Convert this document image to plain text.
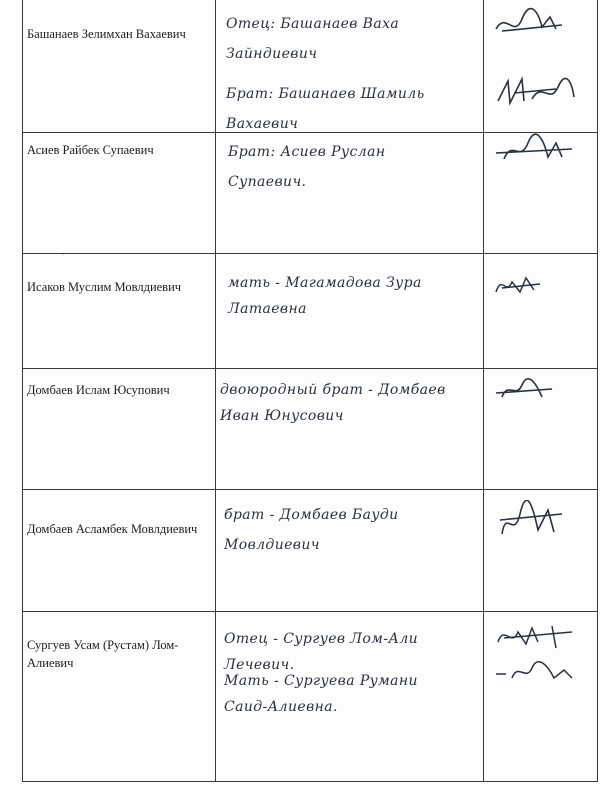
‘
Башанаев Зелимхан Вахаевич	Отец: Башанаев Ваха Зайндиевич
Брат: Башанаев Шамиль Вахаевич

Асиев Райбек Супаевич	Брат: Асиев Руслан Супаевич.

Исаков Муслим Мовлдиевич	мать - Магамадова Зура Латаевна

Домбаев Ислам Юсупович	двоюродный брат - Домбаев Иван Юнусович

Домбаев Асламбек Мовлдиевич	брат - Домбаев Бауди Мовлдиевич

Сургуев Усам (Рустам) Лом-Алиевич	Отец - Сургуев Лом-Али Лечевич.
Мать - Сургуева Румани Саид-Алиевна.
